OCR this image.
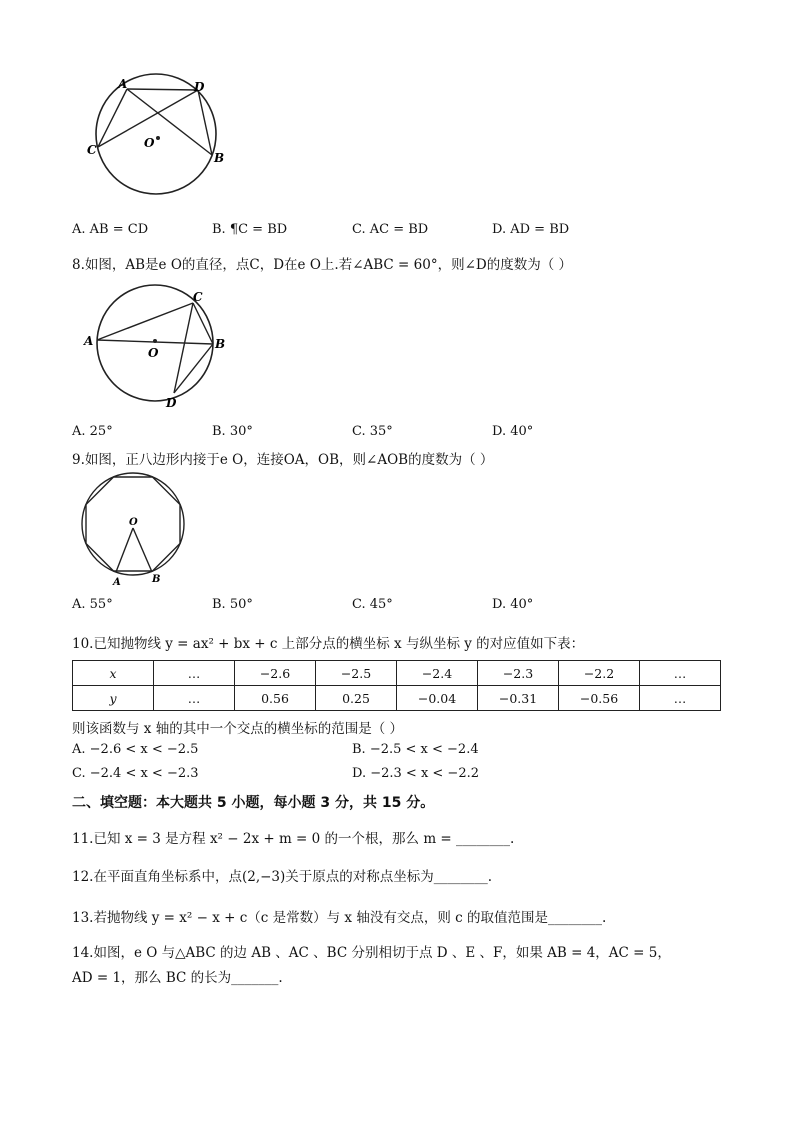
A	D
C
B
O
A. AB = CD	B. ¶C = BD	C. AC = BD	D. AD = BD
8.如图，AB是e O的直径，点C，D在e O上.若∠ABC = 60°，则∠D的度数为（ ）
A	B
C
D
O
A. 25°	B. 30°	C. 35°	D. 40°
9.如图，正八边形内接于e O，连接OA，OB，则∠AOB的度数为（ ）
O
A	B
A. 55°	B. 50°	C. 45°	D. 40°
10.已知抛物线 y = ax² + bx + c 上部分点的横坐标 x 与纵坐标 y 的对应值如下表：
x	…	−2.6	−2.5	−2.4	−2.3	−2.2	…
y	…	0.56	0.25	−0.04	−0.31	−0.56	…
则该函数与 x 轴的其中一个交点的横坐标的范围是（ ）
A. −2.6 < x < −2.5	B. −2.5 < x < −2.4
C. −2.4 < x < −2.3	D. −2.3 < x < −2.2
二、填空题：本大题共 5 小题，每小题 3 分，共 15 分。
11.已知 x = 3 是方程 x² − 2x + m = 0 的一个根，那么 m = ________.
12.在平面直角坐标系中，点(2,−3)关于原点的对称点坐标为________.
13.若抛物线 y = x² − x + c（c 是常数）与 x 轴没有交点，则 c 的取值范围是________.
14.如图，e O 与△ABC 的边 AB 、AC 、BC 分别相切于点 D 、E 、F，如果 AB = 4，AC = 5，
AD = 1，那么 BC 的长为_______.
